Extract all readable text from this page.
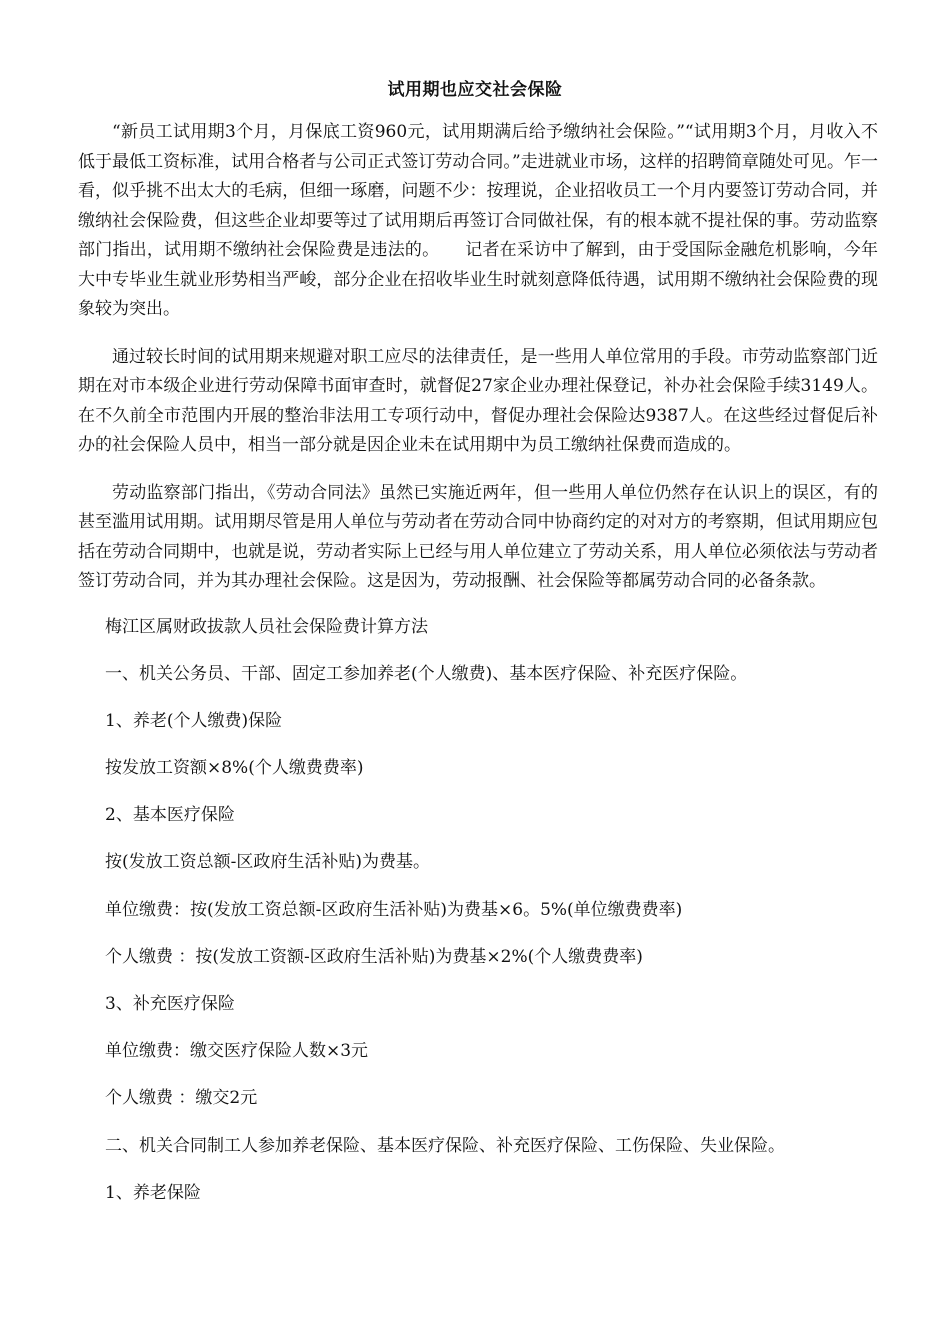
试用期也应交社会保险

“新员工试用期3个月，月保底工资960元，试用期满后给予缴纳社会保险。”“试用期3个月，月收入不低于最低工资标准，试用合格者与公司正式签订劳动合同。”走进就业市场，这样的招聘简章随处可见。乍一看，似乎挑不出太大的毛病，但细一琢磨，问题不少：按理说，企业招收员工一个月内要签订劳动合同，并缴纳社会保险费，但这些企业却要等过了试用期后再签订合同做社保，有的根本就不提社保的事。劳动监察部门指出，试用期不缴纳社会保险费是违法的。　　记者在采访中了解到，由于受国际金融危机影响，今年大中专毕业生就业形势相当严峻，部分企业在招收毕业生时就刻意降低待遇，试用期不缴纳社会保险费的现象较为突出。

通过较长时间的试用期来规避对职工应尽的法律责任，是一些用人单位常用的手段。市劳动监察部门近期在对市本级企业进行劳动保障书面审查时，就督促27家企业办理社保登记，补办社会保险手续3149人。在不久前全市范围内开展的整治非法用工专项行动中，督促办理社会保险达9387人。在这些经过督促后补办的社会保险人员中，相当一部分就是因企业未在试用期中为员工缴纳社保费而造成的。

劳动监察部门指出，《劳动合同法》虽然已实施近两年，但一些用人单位仍然存在认识上的误区，有的甚至滥用试用期。试用期尽管是用人单位与劳动者在劳动合同中协商约定的对对方的考察期，但试用期应包括在劳动合同期中，也就是说，劳动者实际上已经与用人单位建立了劳动关系，用人单位必须依法与劳动者签订劳动合同，并为其办理社会保险。这是因为，劳动报酬、社会保险等都属劳动合同的必备条款。

梅江区属财政拔款人员社会保险费计算方法

一、机关公务员、干部、固定工参加养老(个人缴费)、基本医疗保险、补充医疗保险。

1、养老(个人缴费)保险

按发放工资额×8%(个人缴费费率)

2、基本医疗保险

按(发放工资总额-区政府生活补贴)为费基。

单位缴费：按(发放工资总额-区政府生活补贴)为费基×6。5%(单位缴费费率)

个人缴费 ：按(发放工资额-区政府生活补贴)为费基×2%(个人缴费费率)

3、补充医疗保险

单位缴费：缴交医疗保险人数×3元

个人缴费 ：缴交2元

二、机关合同制工人参加养老保险、基本医疗保险、补充医疗保险、工伤保险、失业保险。

1、养老保险
